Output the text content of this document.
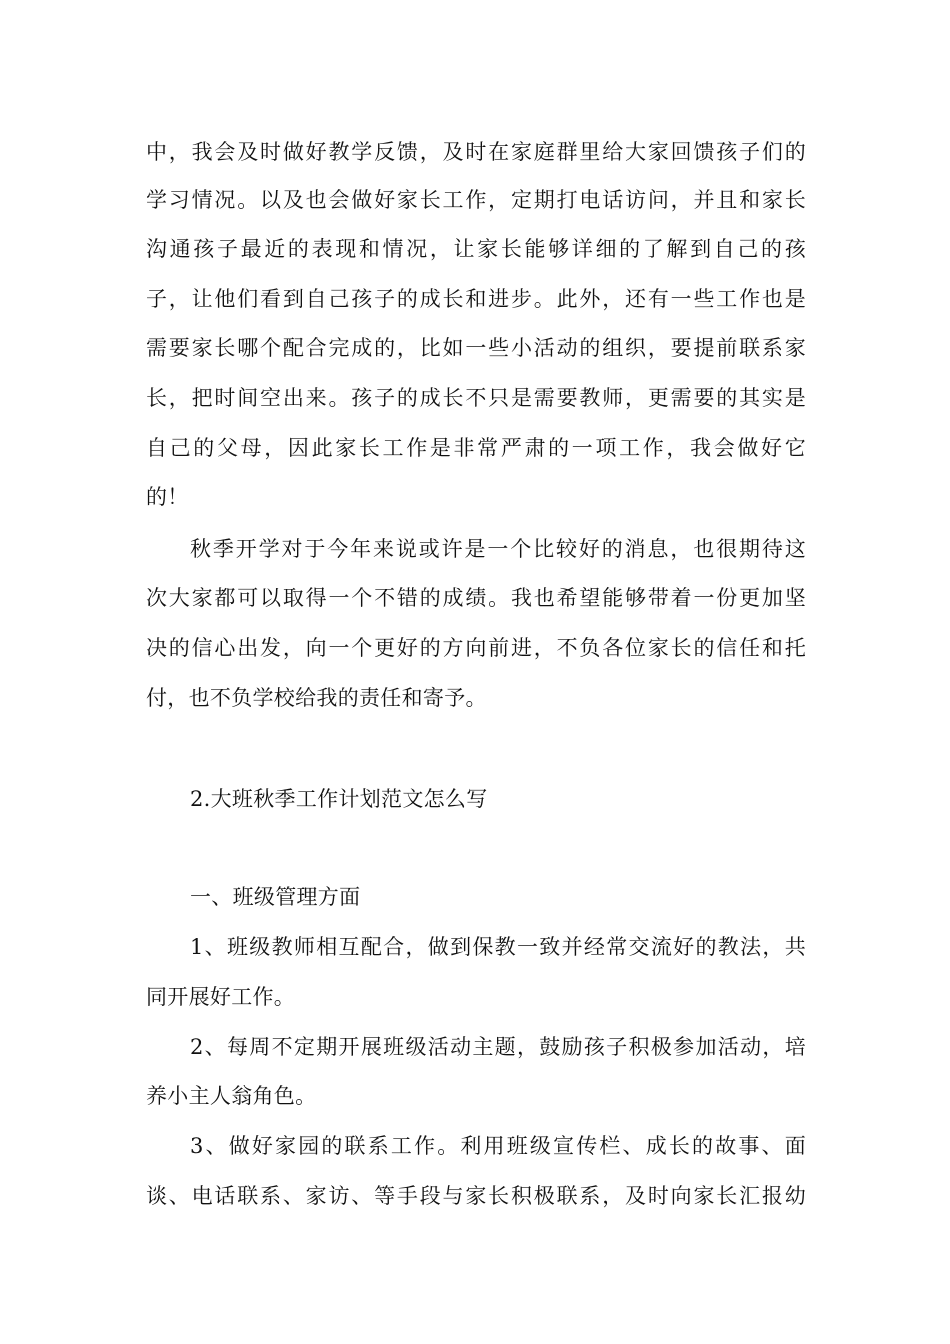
中，我会及时做好教学反馈，及时在家庭群里给大家回馈孩子们的
学习情况。以及也会做好家长工作，定期打电话访问，并且和家长
沟通孩子最近的表现和情况，让家长能够详细的了解到自己的孩
子，让他们看到自己孩子的成长和进步。此外，还有一些工作也是
需要家长哪个配合完成的，比如一些小活动的组织，要提前联系家
长，把时间空出来。孩子的成长不只是需要教师，更需要的其实是
自己的父母，因此家长工作是非常严肃的一项工作，我会做好它
的！
秋季开学对于今年来说或许是一个比较好的消息，也很期待这
次大家都可以取得一个不错的成绩。我也希望能够带着一份更加坚
决的信心出发，向一个更好的方向前进，不负各位家长的信任和托
付，也不负学校给我的责任和寄予。
2.大班秋季工作计划范文怎么写
一、班级管理方面
1、班级教师相互配合，做到保教一致并经常交流好的教法，共
同开展好工作。
2、每周不定期开展班级活动主题，鼓励孩子积极参加活动，培
养小主人翁角色。
3、做好家园的联系工作。利用班级宣传栏、成长的故事、面
谈、电话联系、家访、等手段与家长积极联系，及时向家长汇报幼
